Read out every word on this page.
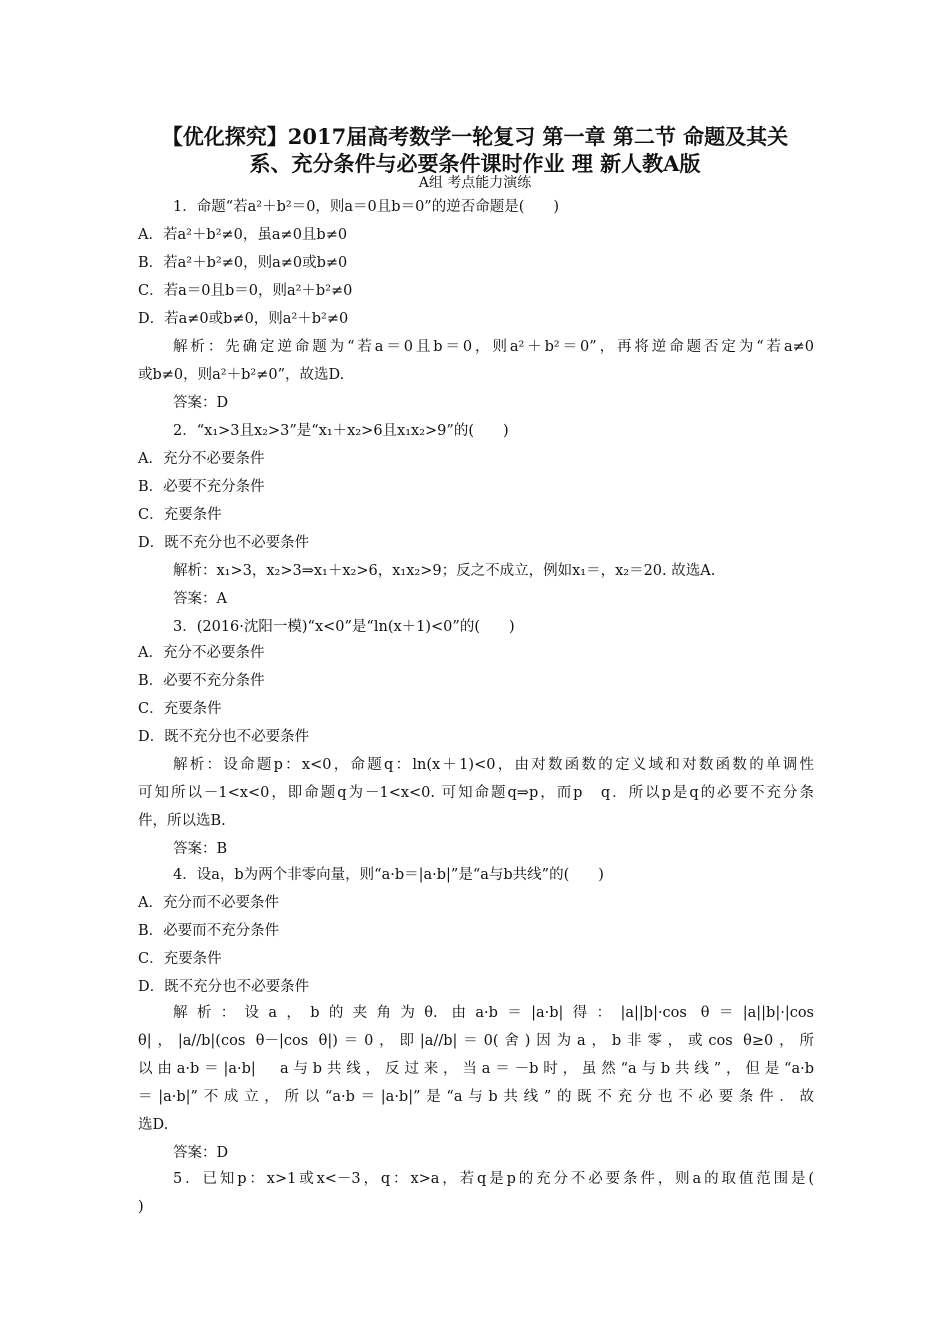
【优化探究】2017届高考数学一轮复习 第一章 第二节 命题及其关
系、充分条件与必要条件课时作业 理 新人教A版
A组 考点能力演练
1．命题“若a²＋b²＝0，则a＝0且b＝0”的逆否命题是(　　)
A．若a²＋b²≠0，虽a≠0且b≠0
B．若a²＋b²≠0，则a≠0或b≠0
C．若a＝0且b＝0，则a²＋b²≠0
D．若a≠0或b≠0，则a²＋b²≠0
解析：先确定逆命题为“若a＝0且b＝0，则a²＋b²＝0”，再将逆命题否定为“若a≠0
或b≠0，则a²＋b²≠0”，故选D.
答案：D
2．“x₁>3且x₂>3”是“x₁＋x₂>6且x₁x₂>9”的(　　)
A．充分不必要条件
B．必要不充分条件
C．充要条件
D．既不充分也不必要条件
解析：x₁>3，x₂>3⇒x₁＋x₂>6，x₁x₂>9；反之不成立，例如x₁＝，x₂＝20. 故选A.
答案：A
3．(2016·沈阳一模)“x<0”是“ln(x＋1)<0”的(　　)
A．充分不必要条件
B．必要不充分条件
C．充要条件
D．既不充分也不必要条件
解析：设命题p：x<0，命题q：ln(x＋1)<0，由对数函数的定义域和对数函数的单调性
可知所以－1<x<0，即命题q为－1<x<0. 可知命题q⇒p，而p　q．所以p是q的必要不充分条
件，所以选B.
答案：B
4．设a，b为两个非零向量，则“a·b＝|a·b|”是“a与b共线”的(　　)
A．充分而不必要条件
B．必要而不充分条件
C．充要条件
D．既不充分也不必要条件
解析：设a，b的夹角为θ. 由a·b＝|a·b|得：|a||b|·cos θ＝|a||b|·|cos
θ|，|a//b|(cos θ－|cos θ|)＝0，即|a//b|＝0(舍)因为a，b非零，或cos θ≥0，所
以由a·b＝|a·b|　a与b共线，反过来，当a＝－b时，虽然“a与b共线”，但是“a·b
＝|a·b|”不成立，所以“a·b＝|a·b|”是“a与b共线”的既不充分也不必要条件．故
选D.
答案：D
5．已知p：x>1或x<－3，q：x>a，若q是p的充分不必要条件，则a的取值范围是(
)
